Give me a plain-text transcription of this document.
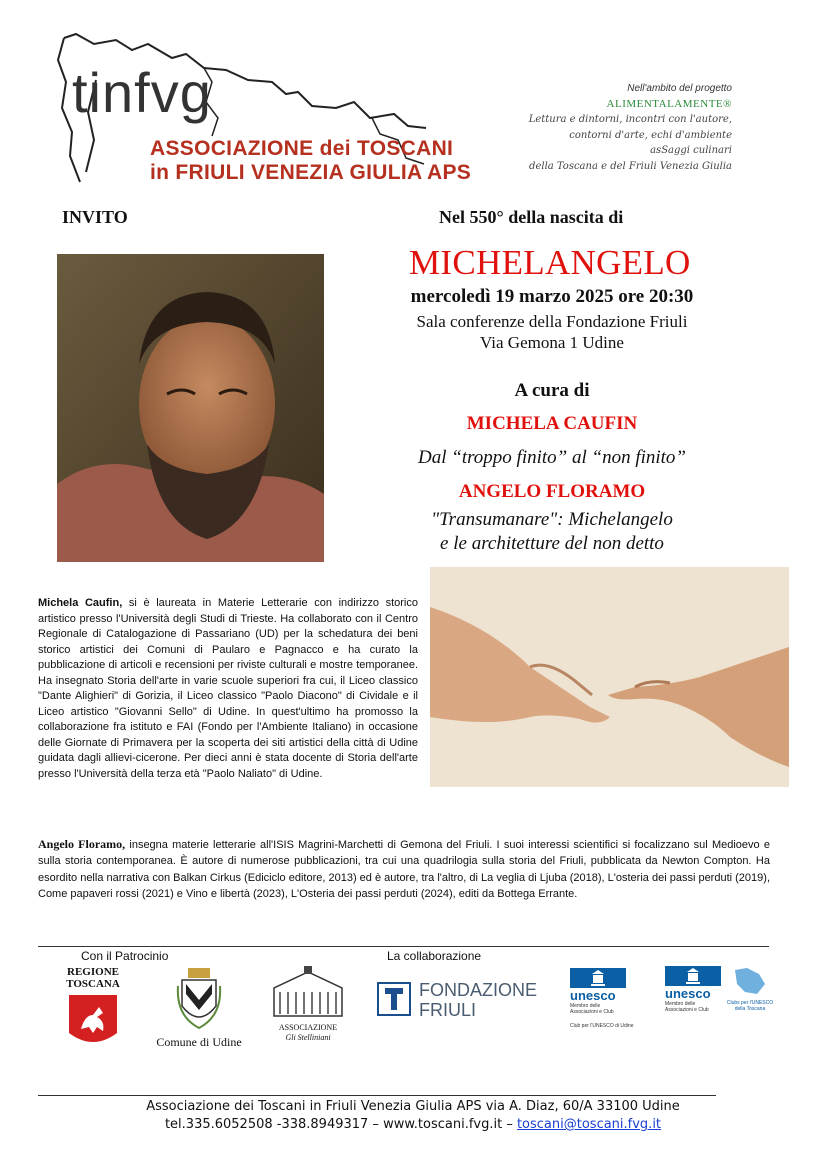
tinfvg
ASSOCIAZIONE dei TOSCANI
in FRIULI VENEZIA GIULIA APS
Nell'ambito del progetto
ALIMENTALAMENTE®
Lettura e dintorni, incontri con l'autore,
contorni d'arte, echi d'ambiente
asSaggi culinari
della Toscana e del Friuli Venezia Giulia
INVITO	Nel 550° della nascita di
MICHELANGELO
mercoledì 19 marzo 2025 ore 20:30
Sala conferenze della Fondazione Friuli
Via Gemona 1 Udine
A cura di
MICHELA CAUFIN
Dal “troppo finito” al “non finito”
ANGELO FLORAMO
"Transumanare": Michelangelo
e le architetture del non detto
Michela Caufin, si è laureata in Materie Letterarie con indirizzo storico artistico presso l'Università degli Studi di Trieste. Ha collaborato con il Centro Regionale di Catalogazione di Passariano (UD) per la schedatura dei beni storico artistici dei Comuni di Paularo e Pagnacco e ha curato la pubblicazione di articoli e recensioni per riviste culturali e mostre temporanee. Ha insegnato Storia dell'arte in varie scuole superiori fra cui, il Liceo classico "Dante Alighieri" di Gorizia, il Liceo classico "Paolo Diacono" di Cividale e il Liceo artistico "Giovanni Sello" di Udine. In quest'ultimo ha promosso la collaborazione fra istituto e FAI (Fondo per l'Ambiente Italiano) in occasione delle Giornate di Primavera per la scoperta dei siti artistici della città di Udine guidata dagli allievi-cicerone. Per dieci anni è stata docente di Storia dell'arte presso l'Università della terza età "Paolo Naliato" di Udine.
Angelo Floramo, insegna materie letterarie all'ISIS Magrini-Marchetti di Gemona del Friuli. I suoi interessi scientifici si focalizzano sul Medioevo e sulla storia contemporanea. È autore di numerose pubblicazioni, tra cui una quadrilogia sulla storia del Friuli, pubblicata da Newton Compton. Ha esordito nella narrativa con Balkan Cirkus (Ediciclo editore, 2013) ed è autore, tra l'altro, di La veglia di Ljuba (2018), L'osteria dei passi perduti (2019), Come papaveri rossi (2021) e Vino e libertà (2023), L'Osteria dei passi perduti (2024), editi da Bottega Errante.
Con il Patrocinio	La collaborazione
REGIONE
TOSCANA
Comune di Udine
ASSOCIAZIONE
Gli Stelliniani
FONDAZIONE
FRIULI
unesco
Membro delle Associazioni e Club
Club per l'UNESCO di Udine
unesco
Membro delle Associazioni e Club
Clubs per l'UNESCO
della Toscana
Associazione dei Toscani in Friuli Venezia Giulia APS via A. Diaz, 60/A 33100 Udine
tel.335.6052508 -338.8949317 – www.toscani.fvg.it – toscani@toscani.fvg.it
